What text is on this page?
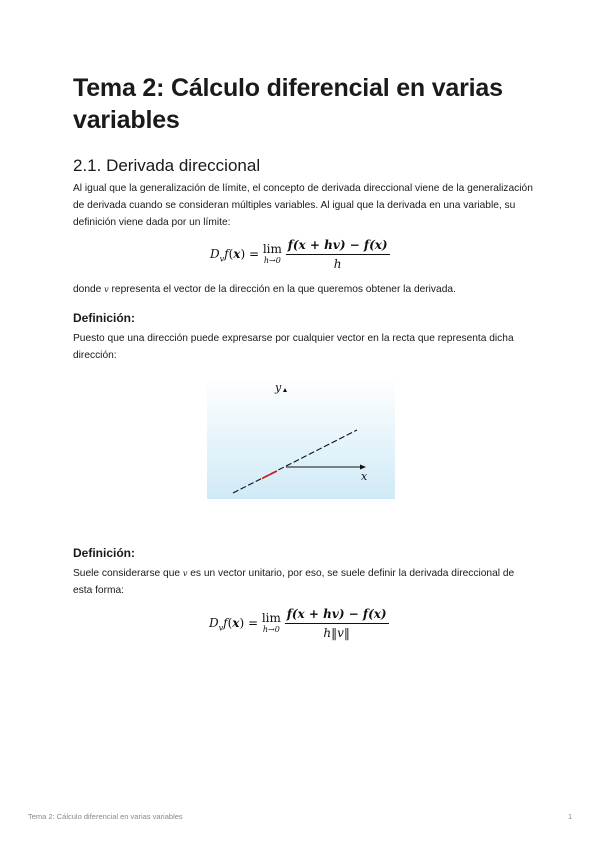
Tema 2: Cálculo diferencial en varias variables
2.1. Derivada direccional

Al igual que la generalización de límite, el concepto de derivada direccional viene de la generalización de derivada cuando se consideran múltiples variables. Al igual que la derivada en una variable, su definición viene dada por un límite:

$D_vf(x) = \lim$
h→0
$\frac{f(x + hv) - f(x)}{h}$

donde v representa el vector de la dirección en la que queremos obtener la derivada.

Definición:

Puesto que una dirección puede expresarse por cualquier vector en la recta que representa dicha dirección:

y
x
Definición:

Suele considerarse que v es un vector unitario, por eso, se suele definir la derivada direccional de esta forma:

$D_vf(x) = \lim$
h→0
$\frac{f(x + hv) - f(x)}{h‖v‖}$
Tema 2: Cálculo diferencial en varias variables	1
